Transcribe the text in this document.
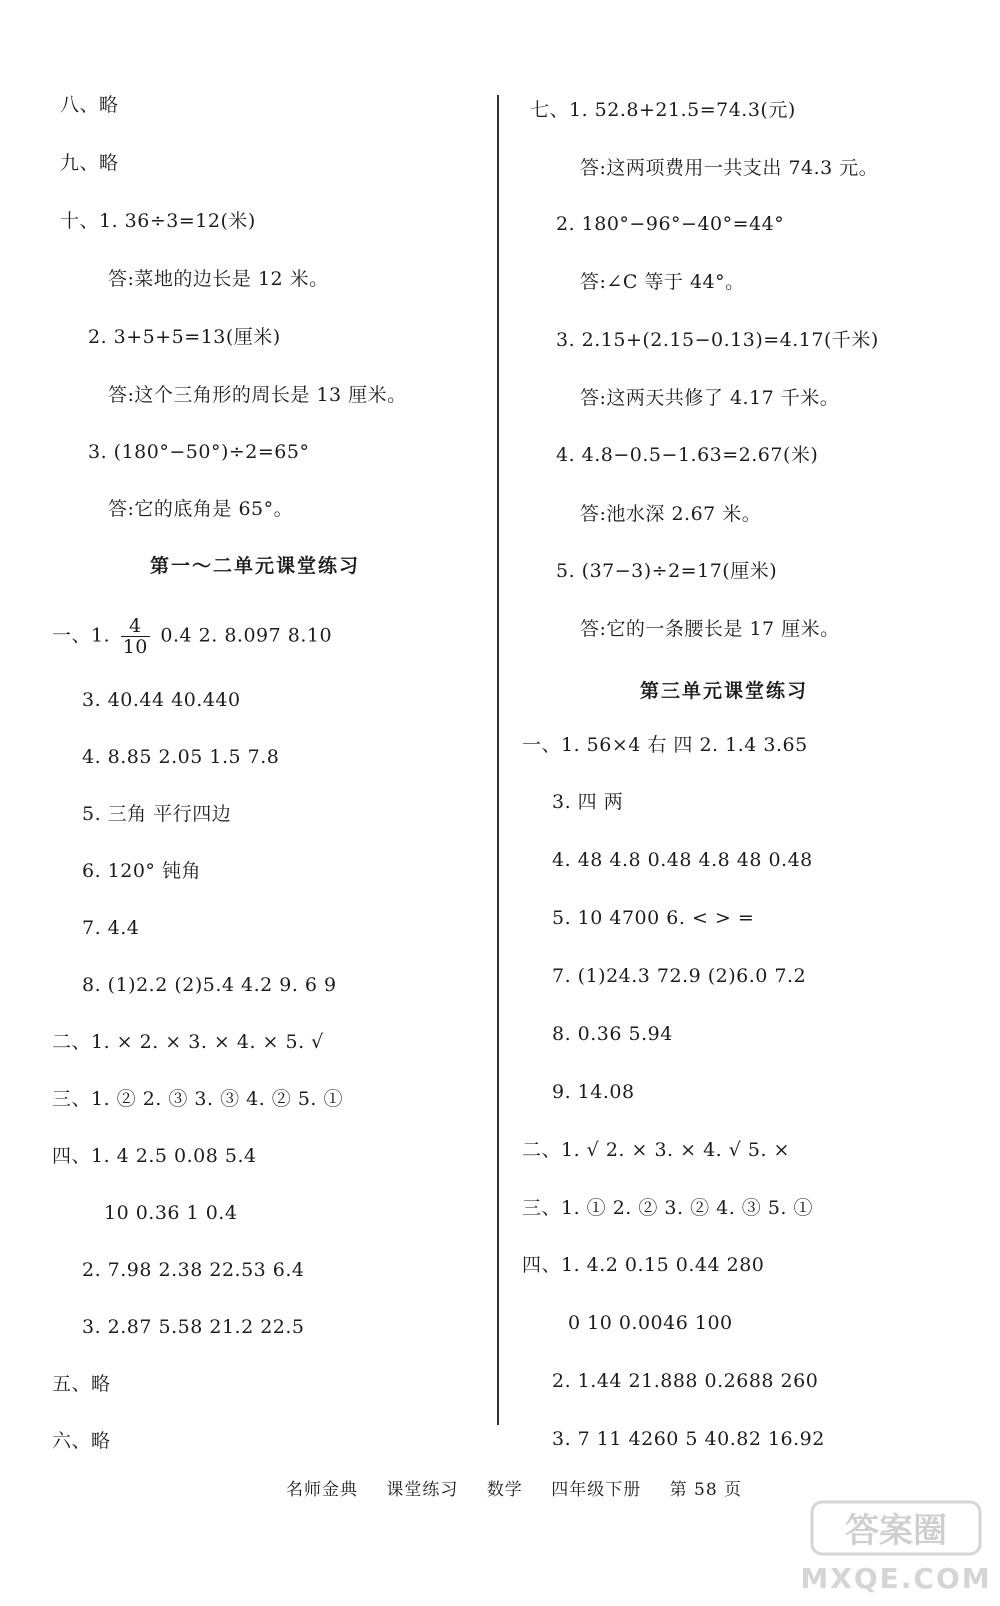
八、略
九、略
十、1. 36÷3=12(米)
答:菜地的边长是 12 米。
2. 3+5+5=13(厘米)
答:这个三角形的周长是 13 厘米。
3. (180°−50°)÷2=65°
答:它的底角是 65°。
第一～二单元课堂练习
一、1. $\frac{4}{10} 0.4$ 2. 8.097 8.10
3. 40.44 40.440
4. 8.85 2.05 1.5 7.8
5. 三角 平行四边
6. 120° 钝角
7. 4.4
8. (1)2.2 (2)5.4 4.2 9. 6 9
二、1. × 2. × 3. × 4. × 5. √
三、1. ② 2. ③ 3. ③ 4. ② 5. ①
四、1. 4 2.5 0.08 5.4
10 0.36 1 0.4
2. 7.98 2.38 22.53 6.4
3. 2.87 5.58 21.2 22.5
五、略
六、略
七、1. 52.8+21.5=74.3(元)
答:这两项费用一共支出 74.3 元。
2. 180°−96°−40°=44°
答:∠C 等于 44°。
3. 2.15+(2.15−0.13)=4.17(千米)
答:这两天共修了 4.17 千米。
4. 4.8−0.5−1.63=2.67(米)
答:池水深 2.67 米。
5. (37−3)÷2=17(厘米)
答:它的一条腰长是 17 厘米。
第三单元课堂练习
一、1. 56×4 右 四 2. 1.4 3.65
3. 四 两
4. 48 4.8 0.48 4.8 48 0.48
5. 10 4700 6. < > =
7. (1)24.3 72.9 (2)6.0 7.2
8. 0.36 5.94
9. 14.08
二、1. √ 2. × 3. × 4. √ 5. ×
三、1. ① 2. ② 3. ② 4. ③ 5. ①
四、1. 4.2 0.15 0.44 280
0 10 0.0046 100
2. 1.44 21.888 0.2688 260
3. 7 11 4260 5 40.82 16.92
名师金典 课堂练习 数学 四年级下册 第 58 页
答案圈
MXQE.COM
